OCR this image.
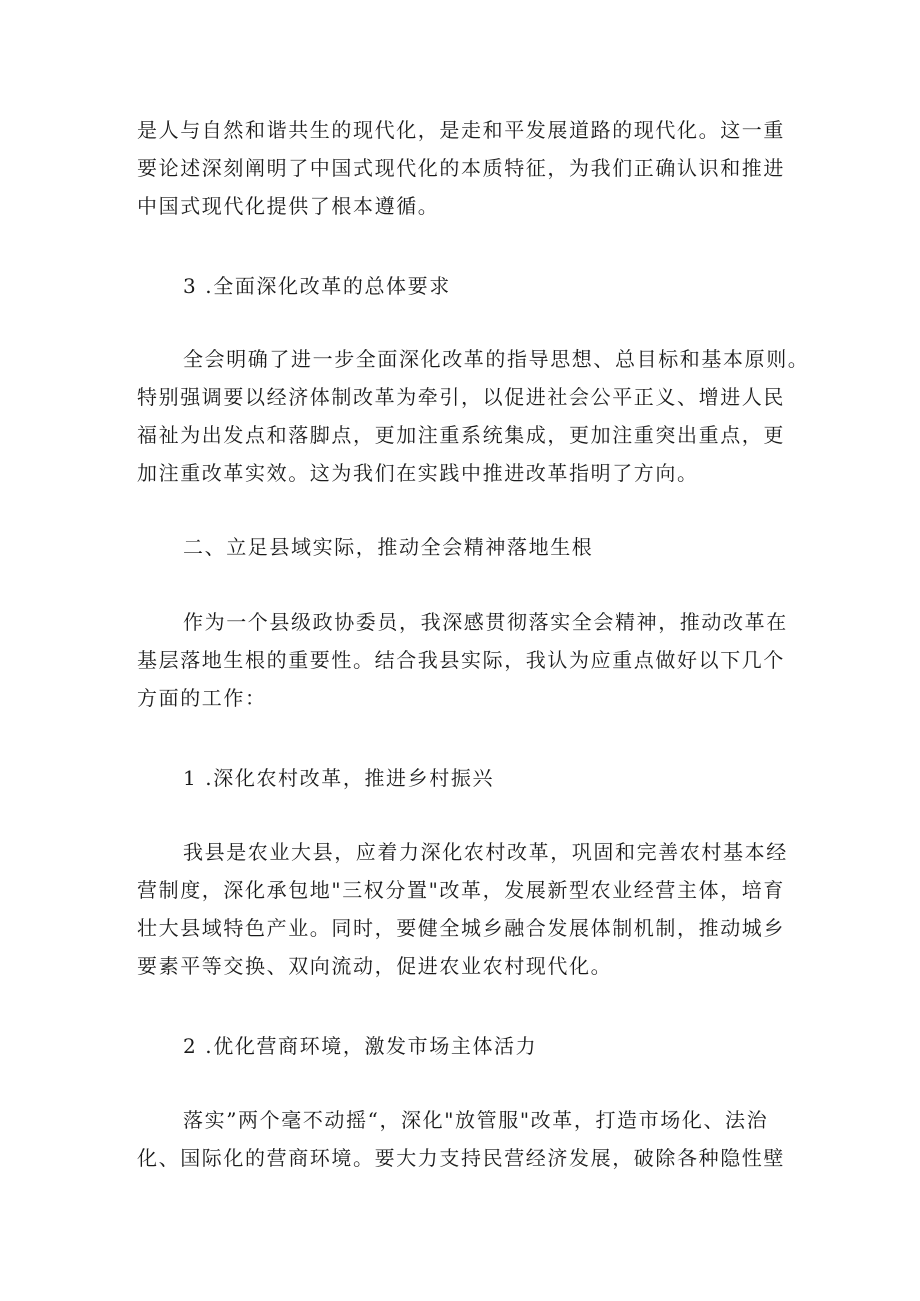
是人与自然和谐共生的现代化，是走和平发展道路的现代化。这一重
要论述深刻阐明了中国式现代化的本质特征，为我们正确认识和推进
中国式现代化提供了根本遵循。
3 .全面深化改革的总体要求
全会明确了进一步全面深化改革的指导思想、总目标和基本原则。
特别强调要以经济体制改革为牵引，以促进社会公平正义、增进人民
福祉为出发点和落脚点，更加注重系统集成，更加注重突出重点，更
加注重改革实效。这为我们在实践中推进改革指明了方向。
二、立足县域实际，推动全会精神落地生根
作为一个县级政协委员，我深感贯彻落实全会精神，推动改革在
基层落地生根的重要性。结合我县实际，我认为应重点做好以下几个
方面的工作：
1 .深化农村改革，推进乡村振兴
我县是农业大县，应着力深化农村改革，巩固和完善农村基本经
营制度，深化承包地"三权分置"改革，发展新型农业经营主体，培育
壮大县域特色产业。同时，要健全城乡融合发展体制机制，推动城乡
要素平等交换、双向流动，促进农业农村现代化。
2 .优化营商环境，激发市场主体活力
落实”两个毫不动摇“，深化"放管服"改革，打造市场化、法治
化、国际化的营商环境。要大力支持民营经济发展，破除各种隐性壁
